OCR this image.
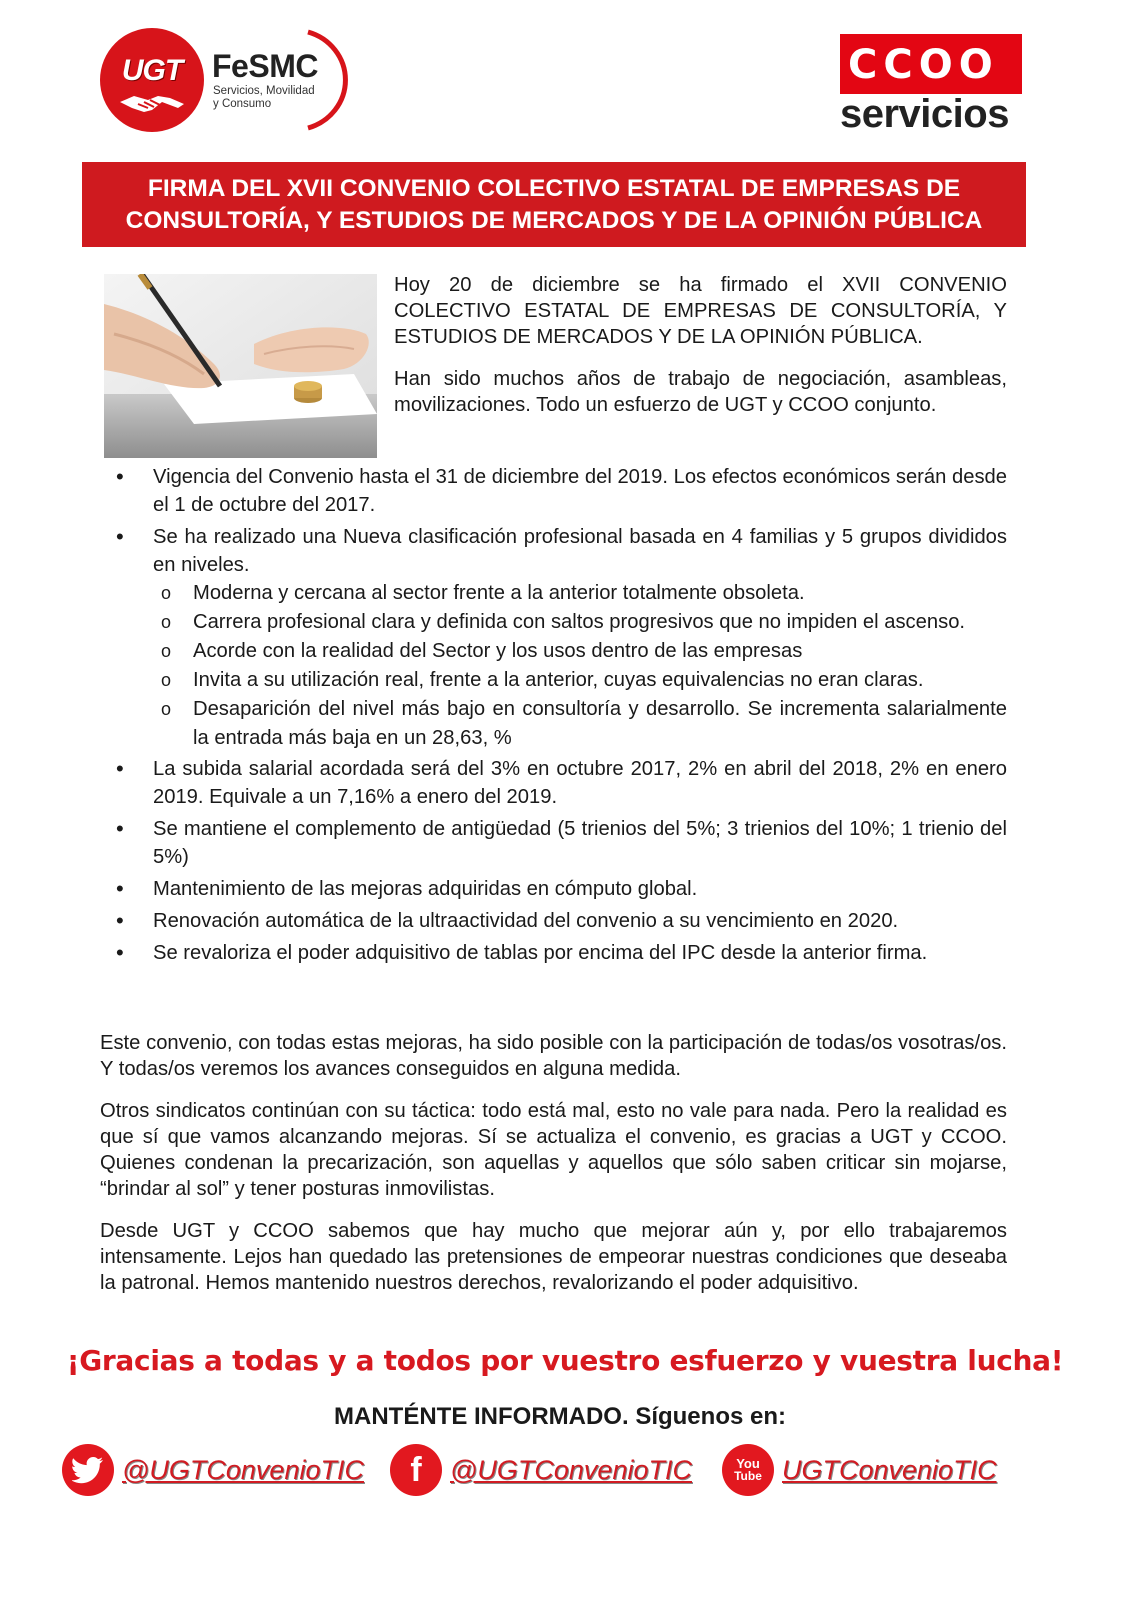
UGT FeSMC
Servicios, Movilidad
y Consumo
CCOO
servicios
FIRMA DEL XVII CONVENIO COLECTIVO ESTATAL DE EMPRESAS DE
CONSULTORÍA, Y ESTUDIOS DE MERCADOS Y DE LA OPINIÓN PÚBLICA

Hoy 20 de diciembre se ha firmado el XVII CONVENIO COLECTIVO ESTATAL DE EMPRESAS DE CONSULTORÍA, Y ESTUDIOS DE MERCADOS Y DE LA OPINIÓN PÚBLICA.

Han sido muchos años de trabajo de negociación, asambleas, movilizaciones. Todo un esfuerzo de UGT y CCOO conjunto.

• Vigencia del Convenio hasta el 31 de diciembre del 2019. Los efectos económicos serán desde el 1 de octubre del 2017.
• Se ha realizado una Nueva clasificación profesional basada en 4 familias y 5 grupos divididos en niveles.
o Moderna y cercana al sector frente a la anterior totalmente obsoleta.
o Carrera profesional clara y definida con saltos progresivos que no impiden el ascenso.
o Acorde con la realidad del Sector y los usos dentro de las empresas
o Invita a su utilización real, frente a la anterior, cuyas equivalencias no eran claras.
o Desaparición del nivel más bajo en consultoría y desarrollo. Se incrementa salarialmente la entrada más baja en un 28,63, %
• La subida salarial acordada será del 3% en octubre 2017, 2% en abril del 2018, 2% en enero 2019. Equivale a un 7,16% a enero del 2019.
• Se mantiene el complemento de antigüedad (5 trienios del 5%; 3 trienios del 10%; 1 trienio del 5%)
• Mantenimiento de las mejoras adquiridas en cómputo global.
• Renovación automática de la ultraactividad del convenio a su vencimiento en 2020.
• Se revaloriza el poder adquisitivo de tablas por encima del IPC desde la anterior firma.

Este convenio, con todas estas mejoras, ha sido posible con la participación de todas/os vosotras/os. Y todas/os veremos los avances conseguidos en alguna medida.

Otros sindicatos continúan con su táctica: todo está mal, esto no vale para nada. Pero la realidad es que sí que vamos alcanzando mejoras. Sí se actualiza el convenio, es gracias a UGT y CCOO. Quienes condenan la precarización, son aquellas y aquellos que sólo saben criticar sin mojarse, “brindar al sol” y tener posturas inmovilistas.

Desde UGT y CCOO sabemos que hay mucho que mejorar aún y, por ello trabajaremos intensamente. Lejos han quedado las pretensiones de empeorar nuestras condiciones que deseaba la patronal. Hemos mantenido nuestros derechos, revalorizando el poder adquisitivo.

¡Gracias a todas y a todos por vuestro esfuerzo y vuestra lucha!
MANTÉNTE INFORMADO. Síguenos en:
@UGTConvenioTIC f @UGTConvenioTIC	You
Tube UGTConvenioTIC
